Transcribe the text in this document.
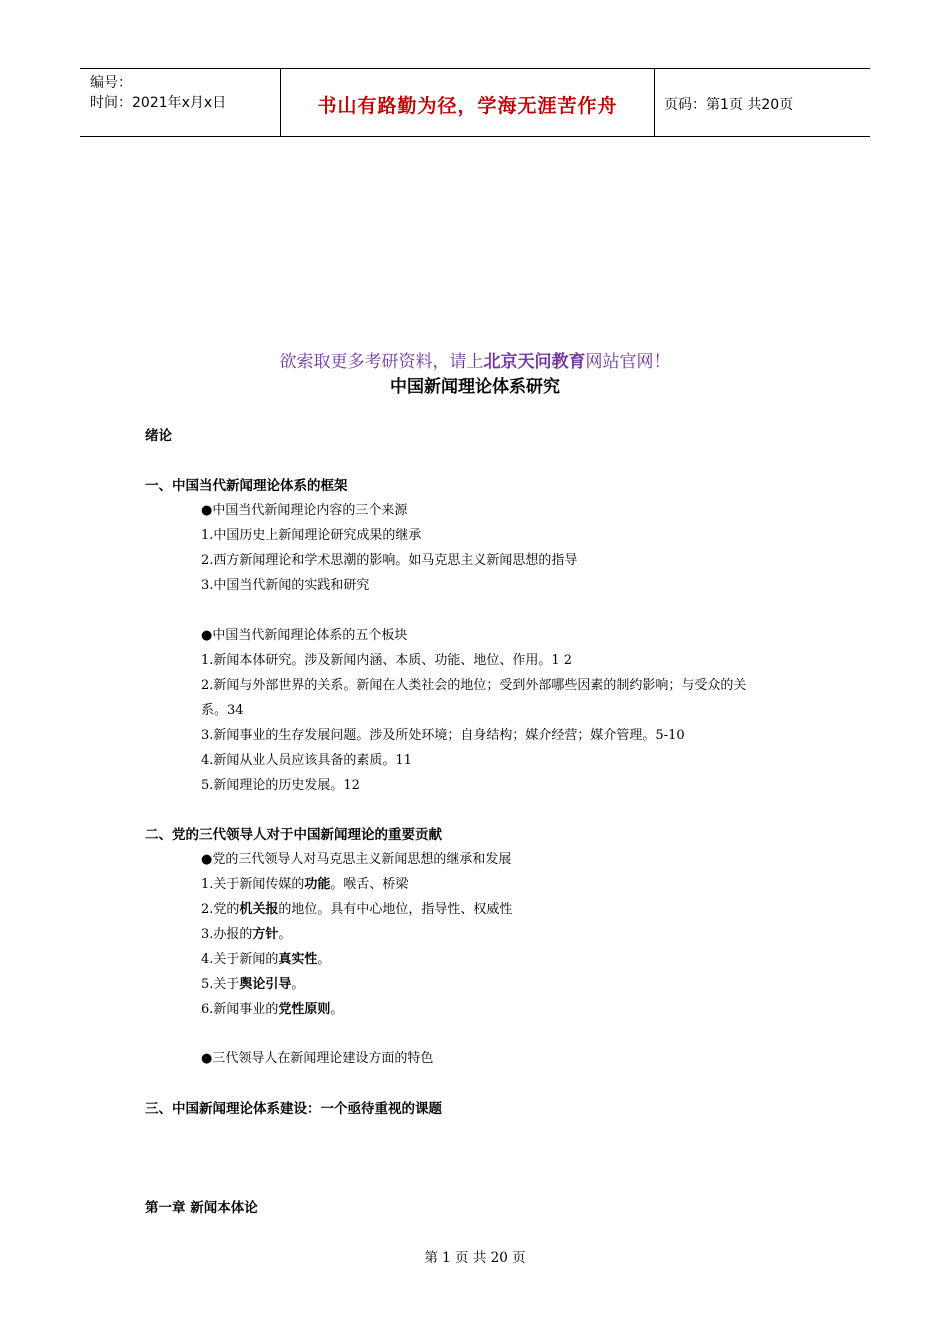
编号：
时间：2021年x月x日	书山有路勤为径，学海无涯苦作舟	页码：第1页 共20页
欲索取更多考研资料，请上北京天问教育网站官网！
中国新闻理论体系研究
绪论
一、中国当代新闻理论体系的框架
●中国当代新闻理论内容的三个来源
1.中国历史上新闻理论研究成果的继承
2.西方新闻理论和学术思潮的影响。如马克思主义新闻思想的指导
3.中国当代新闻的实践和研究
●中国当代新闻理论体系的五个板块
1.新闻本体研究。涉及新闻内涵、本质、功能、地位、作用。1 2
2.新闻与外部世界的关系。新闻在人类社会的地位；受到外部哪些因素的制约影响；与受众的关
系。34
3.新闻事业的生存发展问题。涉及所处环境；自身结构；媒介经营；媒介管理。5-10
4.新闻从业人员应该具备的素质。11
5.新闻理论的历史发展。12
二、党的三代领导人对于中国新闻理论的重要贡献
●党的三代领导人对马克思主义新闻思想的继承和发展
1.关于新闻传媒的功能。喉舌、桥梁
2.党的机关报的地位。具有中心地位，指导性、权威性
3.办报的方针。
4.关于新闻的真实性。
5.关于舆论引导。
6.新闻事业的党性原则。
●三代领导人在新闻理论建设方面的特色
三、中国新闻理论体系建设：一个亟待重视的课题
第一章 新闻本体论
第 1 页 共 20 页
